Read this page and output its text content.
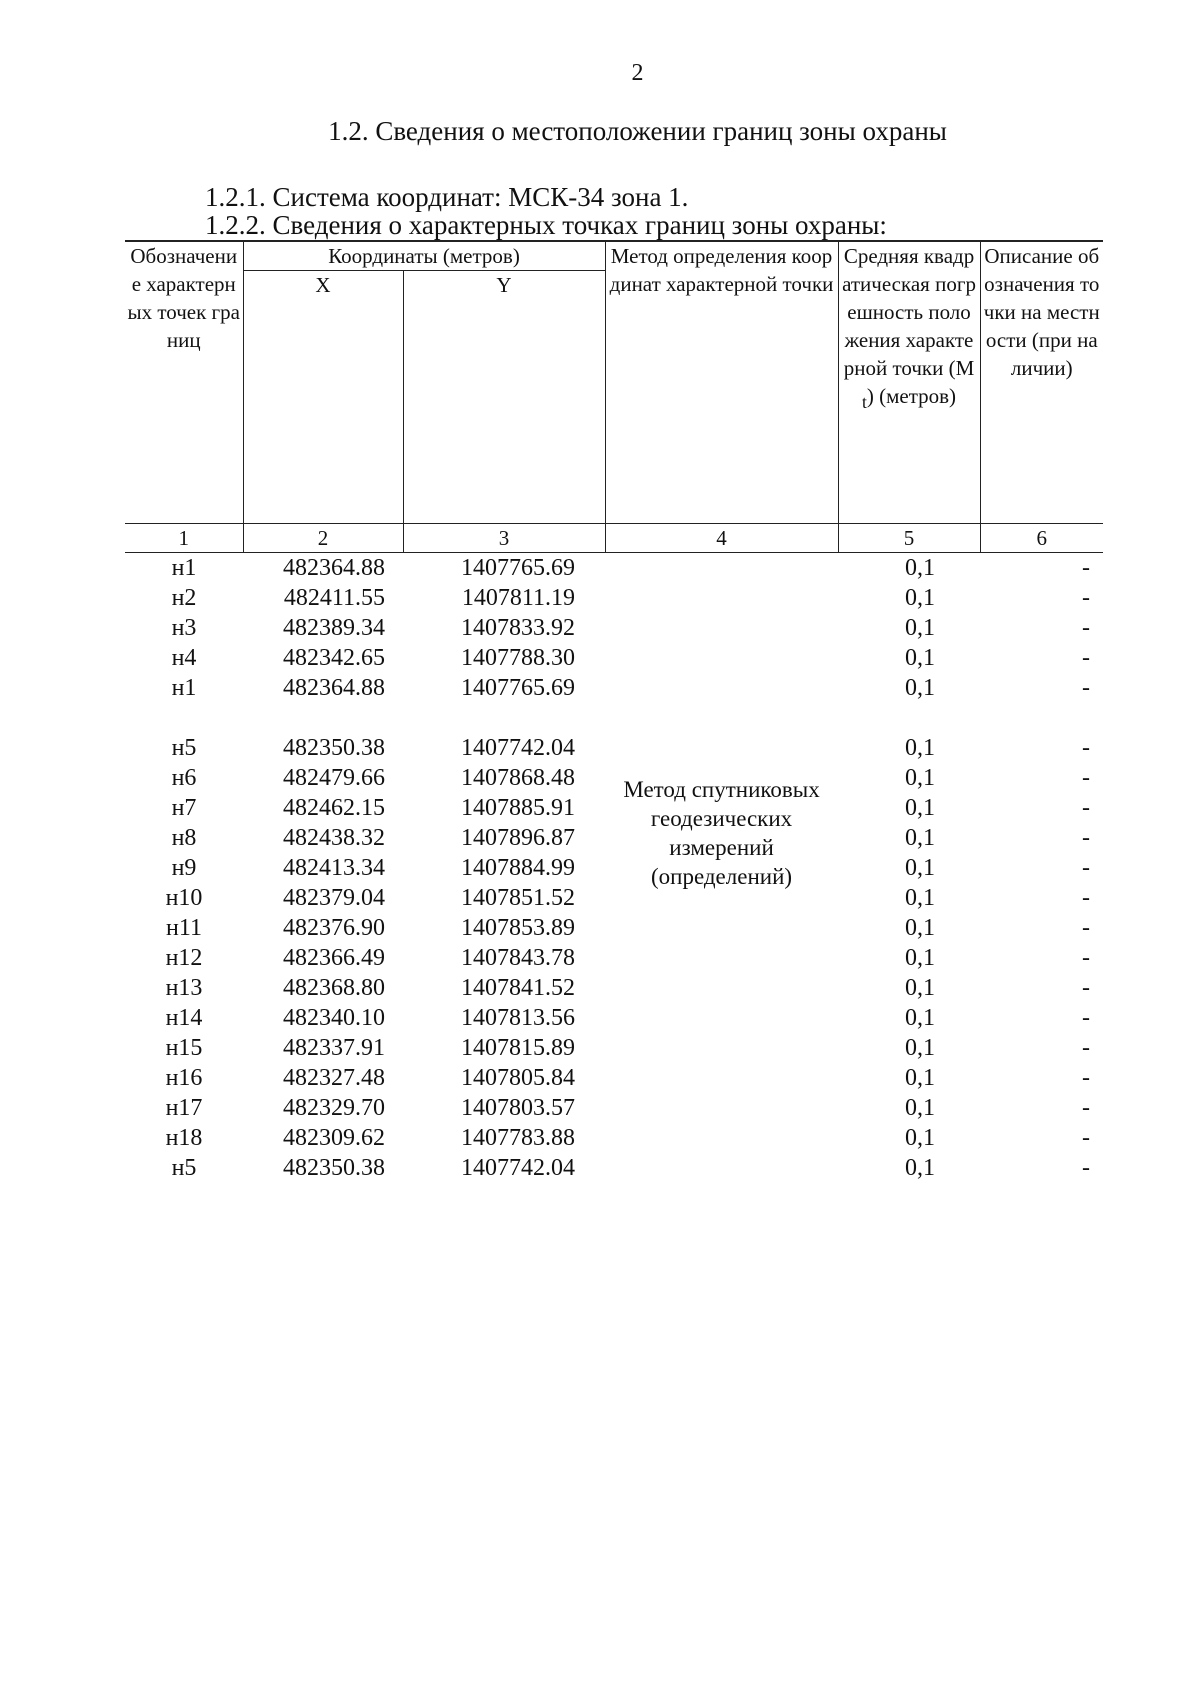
2
1.2. Сведения о местоположении границ зоны охраны
1.2.1. Система координат: МСК-34 зона 1.
1.2.2. Сведения о характерных точках границ зоны охраны:
Обозначение характерных точек границ	Координаты (метров)		Метод определения координат характерной точки	Средняя квадратическая погрешность положения характерной точки $(M_t)$ (метров)	Описание обозначения точки на местности (при наличии)
	X	Y			
1	2	3	4	5	6
н1	482364.88	1407765.69	Метод спутниковых геодезических измерений (определений)	0,1	-
н2	482411.55	1407811.19		0,1	-
н3	482389.34	1407833.92		0,1	-
н4	482342.65	1407788.30		0,1	-
н1	482364.88	1407765.69		0,1	-

н5	482350.38	1407742.04		0,1	-
н6	482479.66	1407868.48		0,1	-
н7	482462.15	1407885.91		0,1	-
н8	482438.32	1407896.87		0,1	-
н9	482413.34	1407884.99		0,1	-
н10	482379.04	1407851.52		0,1	-
н11	482376.90	1407853.89		0,1	-
н12	482366.49	1407843.78		0,1	-
н13	482368.80	1407841.52		0,1	-
н14	482340.10	1407813.56		0,1	-
н15	482337.91	1407815.89		0,1	-
н16	482327.48	1407805.84		0,1	-
н17	482329.70	1407803.57		0,1	-
н18	482309.62	1407783.88		0,1	-
н5	482350.38	1407742.04		0,1	-
